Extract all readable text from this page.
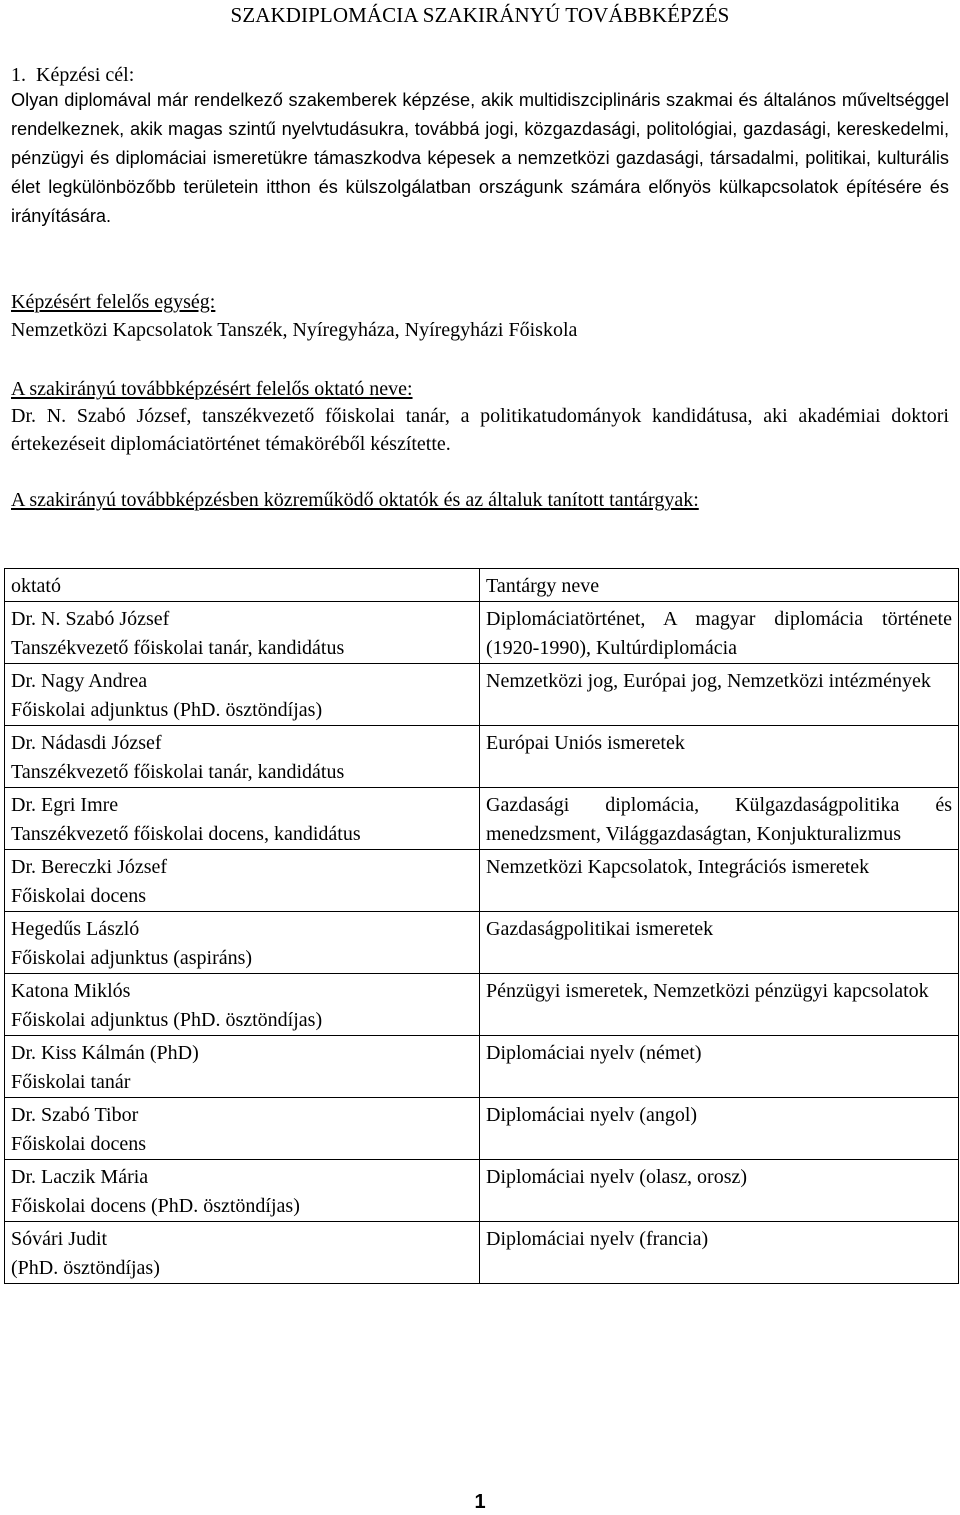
SZAKDIPLOMÁCIA SZAKIRÁNYÚ TOVÁBBKÉPZÉS
1. Képzési cél:
Olyan diplomával már rendelkező szakemberek képzése, akik multidiszciplináris szakmai és általános műveltséggel rendelkeznek, akik magas szintű nyelvtudásukra, továbbá jogi, közgazdasági, politológiai, gazdasági, kereskedelmi, pénzügyi és diplomáciai ismeretükre támaszkodva képesek a nemzetközi gazdasági, társadalmi, politikai, kulturális élet legkülönbözőbb területein itthon és külszolgálatban országunk számára előnyös külkapcsolatok építésére és irányítására.
Képzésért felelős egység:
Nemzetközi Kapcsolatok Tanszék, Nyíregyháza, Nyíregyházi Főiskola
A szakirányú továbbképzésért felelős oktató neve:
Dr. N. Szabó József, tanszékvezető főiskolai tanár, a politikatudományok kandidátusa, aki akadémiai doktori értekezéseit diplomáciatörténet témaköréből készítette.
A szakirányú továbbképzésben közreműködő oktatók és az általuk tanított tantárgyak:
oktató	Tantárgy neve

Dr. N. Szabó József
Tanszékvezető főiskolai tanár, kandidátus	Diplomáciatörténet, A magyar diplomácia története (1920-1990), Kultúrdiplomácia

Dr. Nagy Andrea
Főiskolai adjunktus (PhD. ösztöndíjas)	Nemzetközi jog, Európai jog, Nemzetközi intézmények

Dr. Nádasdi József
Tanszékvezető főiskolai tanár, kandidátus	Európai Uniós ismeretek

Dr. Egri Imre
Tanszékvezető főiskolai docens, kandidátus	Gazdasági diplomácia, Külgazdaságpolitika és menedzsment, Világgazdaságtan, Konjukturalizmus

Dr. Bereczki József
Főiskolai docens	Nemzetközi Kapcsolatok, Integrációs ismeretek

Hegedűs László
Főiskolai adjunktus (aspiráns)	Gazdaságpolitikai ismeretek

Katona Miklós
Főiskolai adjunktus (PhD. ösztöndíjas)	Pénzügyi ismeretek, Nemzetközi pénzügyi kapcsolatok

Dr. Kiss Kálmán (PhD)
Főiskolai tanár	Diplomáciai nyelv (német)

Dr. Szabó Tibor
Főiskolai docens	Diplomáciai nyelv (angol)

Dr. Laczik Mária
Főiskolai docens (PhD. ösztöndíjas)	Diplomáciai nyelv (olasz, orosz)

Sóvári Judit
(PhD. ösztöndíjas)	Diplomáciai nyelv (francia)
1
